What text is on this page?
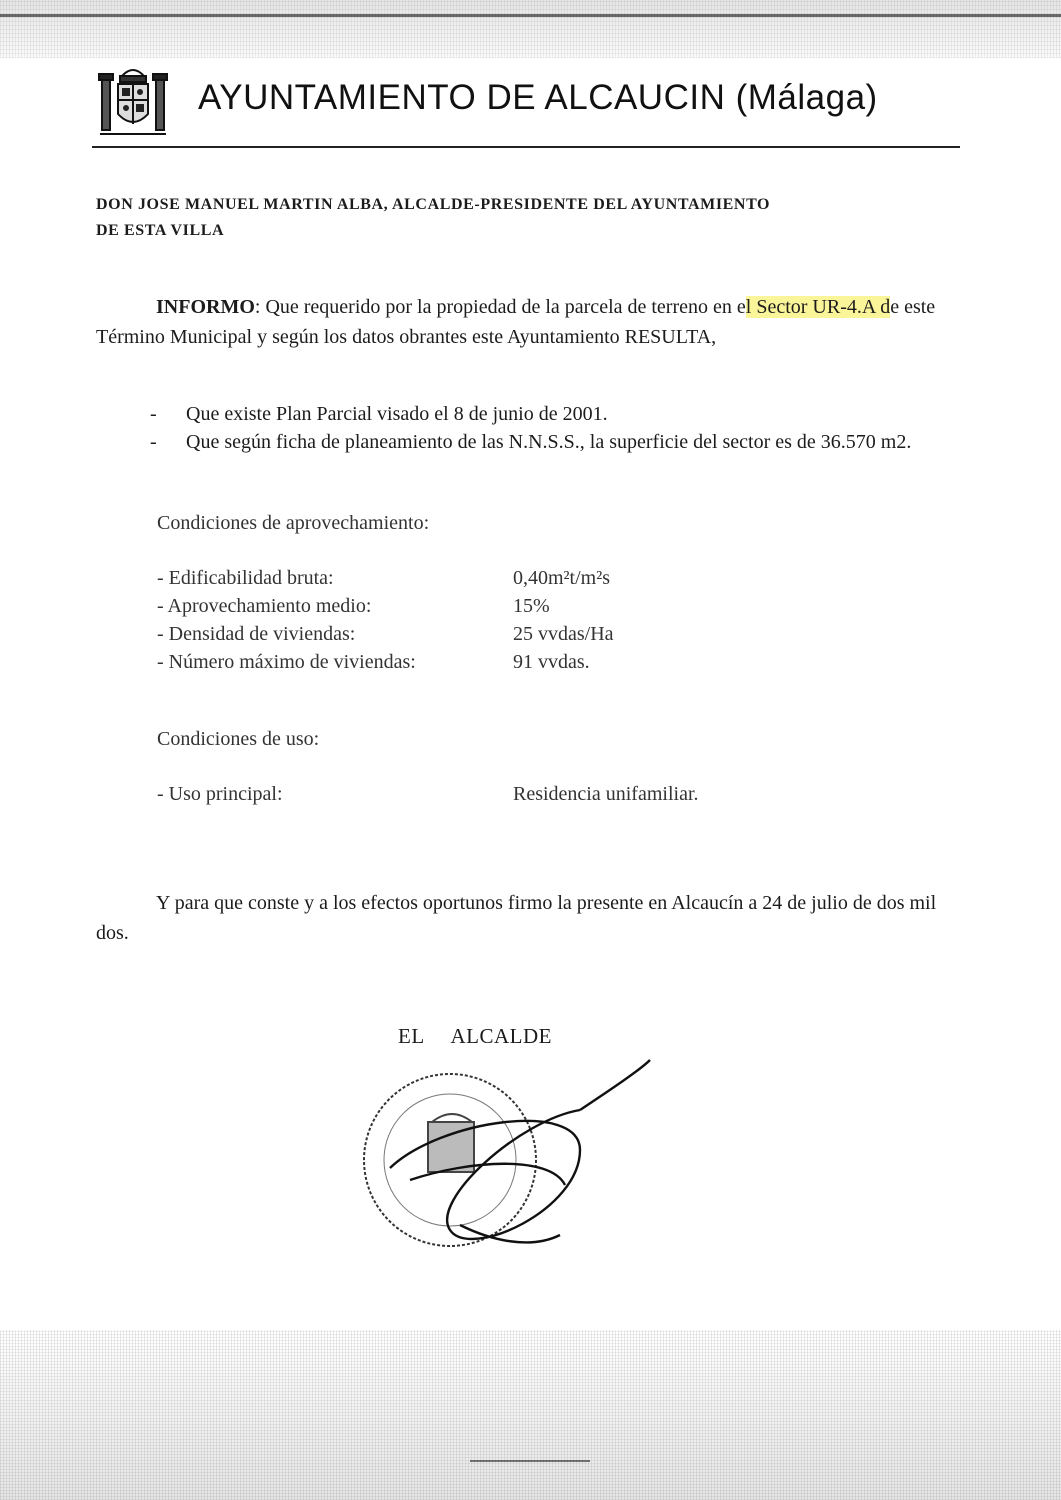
AYUNTAMIENTO DE ALCAUCIN (Málaga)
DON JOSE MANUEL MARTIN ALBA, ALCALDE-PRESIDENTE DEL AYUNTAMIENTO
DE ESTA VILLA
INFORMO: Que requerido por la propiedad de la parcela de terreno en el Sector UR-4.A de este Término Municipal y según los datos obrantes este Ayuntamiento RESULTA,
-	Que existe Plan Parcial visado el 8 de junio de 2001.
-	Que según ficha de planeamiento de las N.N.S.S., la superficie del sector es de 36.570 m2.
Condiciones de aprovechamiento:
- Edificabilidad bruta:	0,40m²t/m²s
- Aprovechamiento medio:	15%
- Densidad de viviendas:	25 vvdas/Ha
- Número máximo de viviendas:	91 vvdas.
Condiciones de uso:
- Uso principal:	Residencia unifamiliar.
Y para que conste y a los efectos oportunos firmo la presente en Alcaucín a 24 de julio de dos mil dos.
EL ALCALDE
